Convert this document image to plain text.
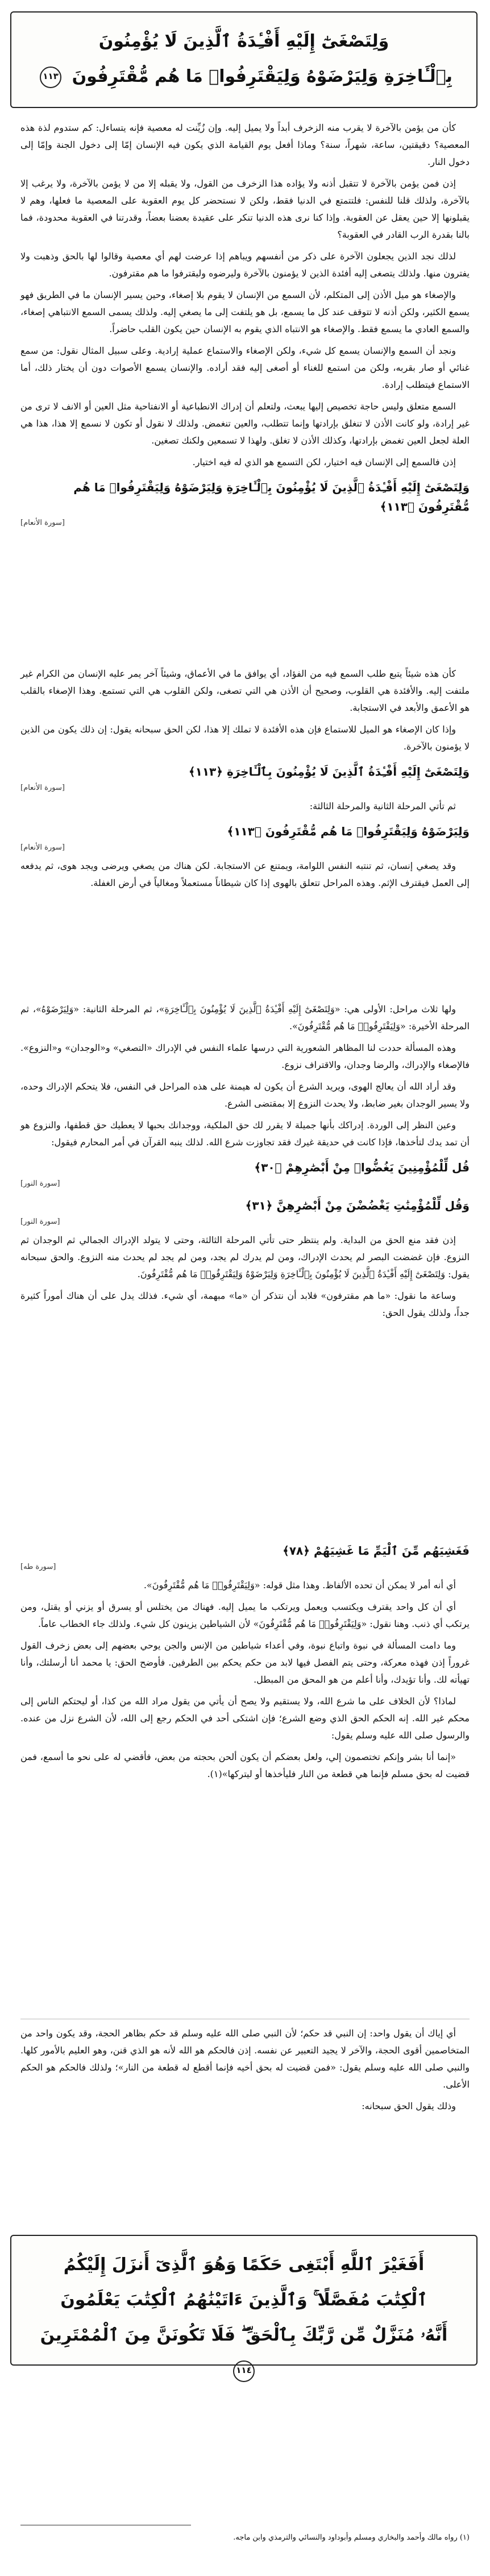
وَلِتَصْغَىٰٓ إِلَيْهِ أَفْـِٔدَةُ ٱلَّذِينَ لَا يُؤْمِنُونَ
بِٱلْـَٔاخِرَةِ وَلِيَرْضَوْهُ وَلِيَقْتَرِفُوا۟ مَا هُم مُّقْتَرِفُونَ ١١٣

كأن من يؤمن بالآخرة لا يقرب منه الزخرف أبداً ولا يميل إليه. وإن زُيِّنت له معصية فإنه يتساءل: كم ستدوم لذة هذه المعصية؟ دقيقتين، ساعة، شهراً، سنة؟ وماذا أفعل يوم القيامة الذي يكون فيه الإنسان إمّا إلى دخول الجنة وإمّا إلى دخول النار.

إذن فمن يؤمن بالآخرة لا تتقبل أذنه ولا يؤاده هذا الزخرف من القول، ولا يقبله إلا من لا يؤمن بالآخرة، ولا يرغب إلا بالآخرة، ولذلك قلنا للنفس: فلتتمتع في الدنيا فقط، ولكن لا نستحضر كل يوم العقوبة على المعصية ما فعلها، وهم لا يقبلونها إلا حين يعقل عن العقوبة. وإذا كنا نرى هذه الدنيا تنكر على عقيدة بعضنا بعضاً، وقدرتنا في العقوبة محدودة، فما بالنا بقدرة الرب القادر في العقوبة؟

لذلك نجد الذين يجعلون الآخرة على ذكر من أنفسهم ويباهم إذا عرضت لهم أي معصية وقالوا لها بالحق وذهبت ولا يفترون منها. ولذلك يتصغى إليه أفئدة الذين لا يؤمنون بالآخرة وليرضوه وليقترفوا ما هم مقترفون.

والإصغاء هو ميل الأذن إلى المتكلم، لأن السمع من الإنسان لا يقوم بلا إصغاء، وحين يسير الإنسان ما في الطريق فهو يسمع الكثير، ولكن أذنه لا تتوقف عند كل ما يسمع، بل هو يلتفت إلى ما يصغي إليه. ولذلك يسمى السمع الانتباهي إصغاء، والسمع العادي ما يسمع فقط. والإصغاء هو الانتباه الذي يقوم به الإنسان حين يكون القلب حاضراً.

ونجد أن السمع والإنسان يسمع كل شيء، ولكن الإصغاء والاستماع عملية إرادية. وعلى سبيل المثال نقول: من سمع غنائي أو صار بقربه، ولكن من استمع للغناء أو أصغى إليه فقد أراده. والإنسان يسمع الأصوات دون أن يختار ذلك، أما الاستماع فيتطلب إرادة.

السمع متعلق وليس حاجة تخصيص إليها يبعث، ولتعلم أن إدراك الانطباعية أو الانفتاحية مثل العين أو الانف لا ترى من غير إرادة، ولو كانت الأذن لا تنغلق بإرادتها وإنما تتطلب، والعين تنغمض. ولذلك لا نقول أو تكون لا نسمع إلا هذا، هذا هي العلة لجعل العين تغمض بإرادتها، وكذلك الأذن لا تغلق. ولهذا لا تسمعين ولكنك تصغين.

إذن فالسمع إلى الإنسان فيه اختيار، لكن التسمع هو الذي له فيه اختيار.

وَلِتَصْغَىٰٓ إِلَيْهِ أَفْـِٔدَةُ ٱلَّذِينَ لَا يُؤْمِنُونَ بِٱلْـَٔاخِرَةِ وَلِيَرْضَوْهُ وَلِيَقْتَرِفُوا۟ مَا هُم مُّقْتَرِفُونَ ﴿١١٣﴾
[ سورة الأنعام ]

كأن هذه شيئاً يتبع طلب السمع فيه من الفؤاد، أي يوافق ما في الأعماق، وشيئاً آخر يمر عليه الإنسان من الكرام غير ملتفت إليه. والأفئدة هي القلوب، وصحيح أن الأذن هي التي تصغى، ولكن القلوب هي التي تستمع. وهذا الإصغاء بالقلب هو الأعمق والأبعد في الاستجابة.

وإذا كان الإصغاء هو الميل للاستماع فإن هذه الأفئدة لا تملك إلا هذا، لكن الحق سبحانه يقول: إن ذلك يكون من الذين لا يؤمنون بالآخرة.

وَلِتَصْغَىٰٓ إِلَيْهِ أَفْـِٔدَةُ ٱلَّذِينَ لَا يُؤْمِنُونَ بِٱلْـَٔاخِرَةِ ﴿١١٣﴾
[ سورة الأنعام ]

ثم تأتي المرحلة الثانية والمرحلة الثالثة:

وَلِيَرْضَوْهُ وَلِيَقْتَرِفُوا۟ مَا هُم مُّقْتَرِفُونَ ﴿١١٣﴾
[ سورة الأنعام ]

وقد يصغي إنسان، ثم تنتبه النفس اللوامة، ويمتنع عن الاستجابة. لكن هناك من يصغي ويرضى ويجد هوى، ثم يدفعه إلى العمل فيقترف الإثم. وهذه المراحل تتعلق بالهوى إذا كان شيطاناً مستعملاً ومغالياً في أرض الغفلة.

ولها ثلاث مراحل: الأولى هي: «وَلِتَصْغَىٰٓ إِلَيْهِ أَفْـِٔدَةُ ٱلَّذِينَ لَا يُؤْمِنُونَ بِٱلْـَٔاخِرَةِ»، ثم المرحلة الثانية: «وَلِيَرْضَوْهُ»، ثم المرحلة الأخيرة: «وَلِيَقْتَرِفُوا۟ مَا هُم مُّقْتَرِفُونَ».

وهذه المسألة حددت لنا المظاهر الشعورية التي درسها علماء النفس في الإدراك «التصغي» و«الوجدان» و«النزوع». فالإصغاء والإدراك، والرضا وجدان، والاقتراف نزوع.

وقد أراد الله أن يعالج الهوى، ويريد الشرع أن يكون له هيمنة على هذه المراحل في النفس، فلا يتحكم الإدراك وحده، ولا يسير الوجدان بغير ضابط، ولا يحدث النزوع إلا بمقتضى الشرع.

وعين النظر إلى الوردة. إدراكك بأنها جميلة لا يقرر لك حق الملكية، ووجدانك بحبها لا يعطيك حق قطفها، والنزوع هو أن تمد يدك لتأخذها، فإذا كانت في حديقة غيرك فقد تجاوزت شرع الله. لذلك ينبه القرآن في أمر المحارم فيقول:

قُل لِّلْمُؤْمِنِينَ يَغُضُّوا۟ مِنْ أَبْصَٰرِهِمْ ﴿٣٠﴾
[ سورة النور ]
وَقُل لِّلْمُؤْمِنَٰتِ يَغْضُضْنَ مِنْ أَبْصَٰرِهِنَّ ﴿٣١﴾
[ سورة النور ]

إذن فقد منع الحق من البداية. ولم ينتظر حتى تأتي المرحلة الثالثة، وحتى لا يتولد الإدراك الجمالي ثم الوجدان ثم النزوع. فإن غضضت البصر لم يحدث الإدراك، ومن لم يدرك لم يجد، ومن لم يجد لم يحدث منه النزوع. والحق سبحانه يقول: وَلِتَصْغَىٰٓ إِلَيْهِ أَفْـِٔدَةُ ٱلَّذِينَ لَا يُؤْمِنُونَ بِٱلْـَٔاخِرَةِ وَلِيَرْضَوْهُ وَلِيَقْتَرِفُوا۟ مَا هُم مُّقْتَرِفُونَ.

وساعة ما نقول: «ما هم مقترفون» فلابد أن نتذكر أن «ما» مبهمة، أي شيء. فذلك يدل على أن هناك أموراً كثيرة جداً، ولذلك يقول الحق:

فَغَشِيَهُم مِّنَ ٱلْيَمِّ مَا غَشِيَهُمْ ﴿٧٨﴾
[ سورة طه ]

أي أنه أمر لا يمكن أن تحده الألفاظ. وهذا مثل قوله: «وَلِيَقْتَرِفُوا۟ مَا هُم مُّقْتَرِفُونَ».

أي أن كل واحد يقترف ويكتسب ويعمل ويرتكب ما يميل إليه. فهناك من يختلس أو يسرق أو يزني أو يقتل، ومن يرتكب أي ذنب. وهنا نقول: «وَلِيَقْتَرِفُوا۟ مَا هُم مُّقْتَرِفُونَ» لأن الشياطين يزينون كل شيء. ولذلك جاء الخطاب عاماً.

وما دامت المسألة في نبوة واتباع نبوة، وفي أعداء شياطين من الإنس والجن يوحي بعضهم إلى بعض زخرف القول غروراً إذن فهذه معركة، وحتى يتم الفصل فيها لابد من حكم يحكم بين الطرفين. فأوضح الحق: يا محمد أنا أرسلتك، وأنا تهيأته لك. وأنا تؤيدك، وأنا أعلم من هو المحق من المبطل.

لماذا؟ لأن الخلاف على ما شرع الله، ولا يستقيم ولا يصح أن يأتي من يقول مراد الله من كذا، أو ليحتكم الناس إلى محكم غير الله. إنه الحكم الحق الذي وضع الشرع؛ فإن اشتكى أحد في الحكم رجع إلى الله، لأن الشرع نزل من عنده. والرسول صلى الله عليه وسلم يقول:

«إنما أنا بشر وإنكم تختصمون إلي، ولعل بعضكم أن يكون ألحن بحجته من بعض، فأقضي له على نحو ما أسمع، فمن قضيت له بحق مسلم فإنما هي قطعة من النار فليأخذها أو ليتركها»(١).

أي إياك أن يقول واحد: إن النبي قد حكم؛ لأن النبي صلى الله عليه وسلم قد حكم بظاهر الحجة، وقد يكون واحد من المتخاصمين أقوى الحجة، والآخر لا يجيد التعبير عن نفسه. إذن فالحكم هو الله لأنه هو الذي قنن، وهو العليم بالأمور كلها. والنبي صلى الله عليه وسلم يقول: «فمن قضيت له بحق أخيه فإنما أقطع له قطعة من النار»؛ ولذلك فالحكم هو الحكم الأعلى.

وذلك يقول الحق سبحانه:

أَفَغَيْرَ ٱللَّهِ أَبْتَغِى حَكَمًا وَهُوَ ٱلَّذِىٓ أَنزَلَ إِلَيْكُمُ
ٱلْكِتَٰبَ مُفَصَّلًا ۚ وَٱلَّذِينَ ءَاتَيْنَٰهُمُ ٱلْكِتَٰبَ يَعْلَمُونَ
أَنَّهُۥ مُنَزَّلٌ مِّن رَّبِّكَ بِٱلْحَقِّ ۖ فَلَا تَكُونَنَّ مِنَ ٱلْمُمْتَرِينَ ١١٤
(١) رواه مالك وأحمد والبخاري ومسلم وأبوداود والنسائي والترمذي وابن ماجه.
